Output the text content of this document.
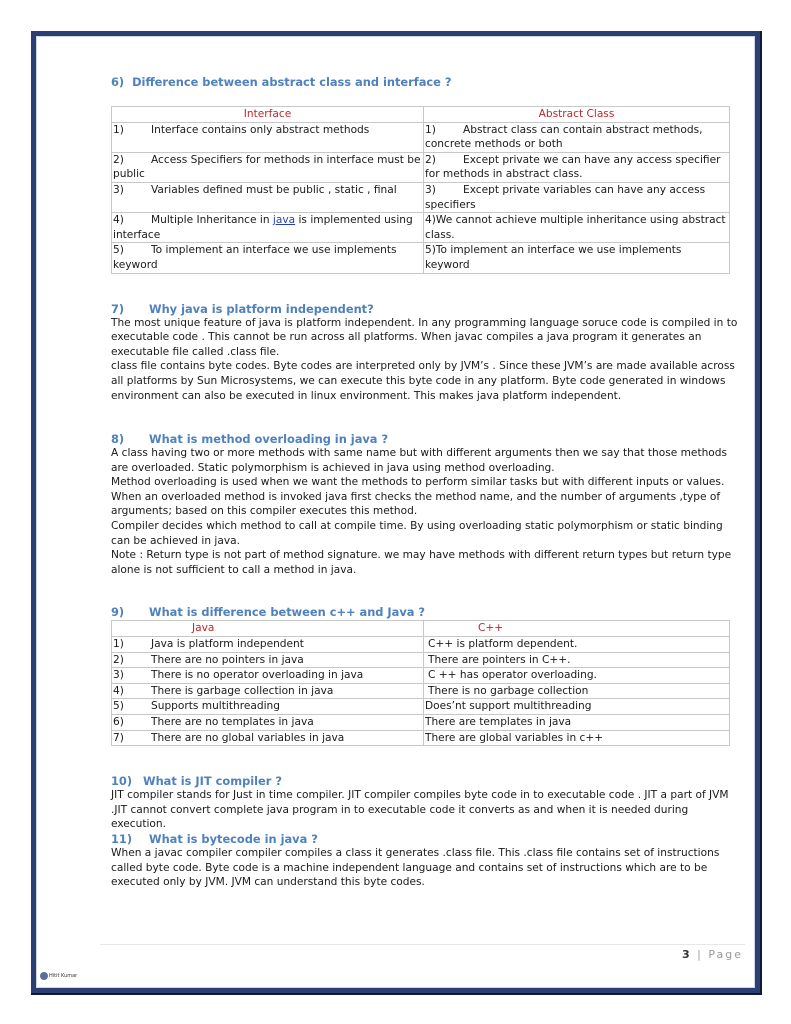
6) Difference between abstract class and interface ?

Interface	Abstract Class
1) Interface contains only abstract methods	1) Abstract class can contain abstract methods, concrete methods or both
2) Access Specifiers for methods in interface must be public	2) Except private we can have any access specifier for methods in abstract class.
3) Variables defined must be public , static , final	3) Except private variables can have any access specifiers
4) Multiple Inheritance in java is implemented using interface	4)We cannot achieve multiple inheritance using abstract class.
5) To implement an interface we use implements keyword	5)To implement an interface we use implements keyword

7) Why java is platform independent?

The most unique feature of java is platform independent. In any programming language soruce code is compiled in to executable code . This cannot be run across all platforms. When javac compiles a java program it generates an executable file called .class file.

class file contains byte codes. Byte codes are interpreted only by JVM’s . Since these JVM’s are made available across all platforms by Sun Microsystems, we can execute this byte code in any platform. Byte code generated in windows environment can also be executed in linux environment. This makes java platform independent.

8) What is method overloading in java ?

A class having two or more methods with same name but with different arguments then we say that those methods are overloaded. Static polymorphism is achieved in java using method overloading.

Method overloading is used when we want the methods to perform similar tasks but with different inputs or values. When an overloaded method is invoked java first checks the method name, and the number of arguments ,type of arguments; based on this compiler executes this method.

Compiler decides which method to call at compile time. By using overloading static polymorphism or static binding can be achieved in java.

Note : Return type is not part of method signature. we may have methods with different return types but return type alone is not sufficient to call a method in java.

9) What is difference between c++ and Java ?

Java	C++
1) Java is platform independent	C++ is platform dependent.
2) There are no pointers in java	There are pointers in C++.
3) There is no operator overloading in java	C ++ has operator overloading.
4) There is garbage collection in java	There is no garbage collection
5) Supports multithreading	Does’nt support multithreading
6) There are no templates in java	There are templates in java
7) There are no global variables in java	There are global variables in c++

10) What is JIT compiler ?

JIT compiler stands for Just in time compiler. JIT compiler compiles byte code in to executable code . JIT a part of JVM .JIT cannot convert complete java program in to executable code it converts as and when it is needed during execution.

11) What is bytecode in java ?

When a javac compiler compiler compiles a class it generates .class file. This .class file contains set of instructions called byte code. Byte code is a machine independent language and contains set of instructions which are to be executed only by JVM. JVM can understand this byte codes.

3 | Page
Hitit Kumar
